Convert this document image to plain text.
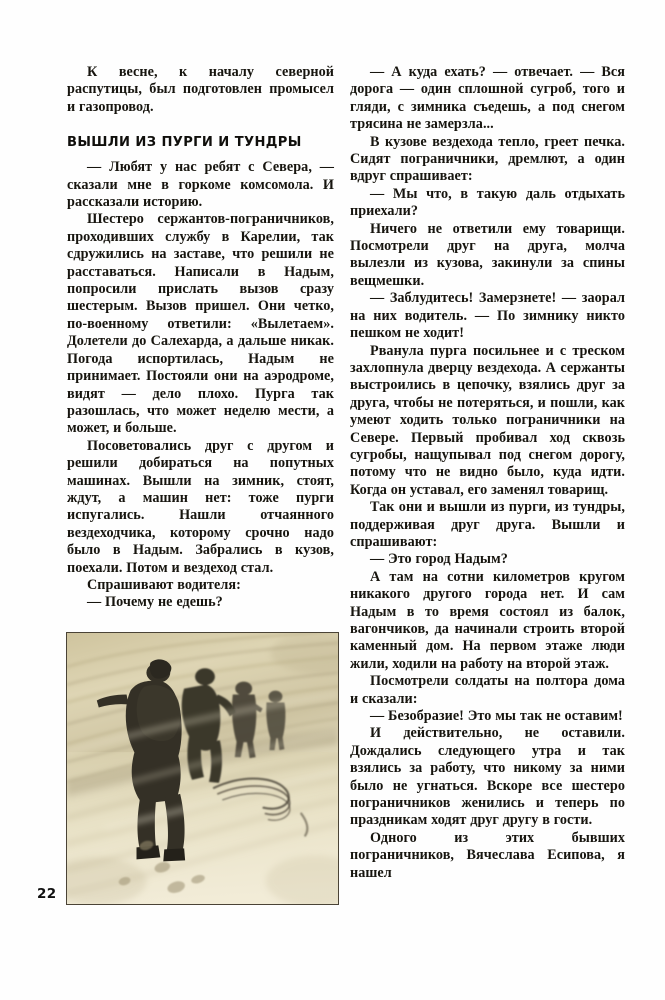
К весне, к началу северной распутицы, был подготовлен промысел и газопровод.

ВЫШЛИ ИЗ ПУРГИ И ТУНДРЫ

— Любят у нас ребят с Севера, — сказали мне в горкоме комсомола. И рассказали историю.

Шестеро сержантов-пограничников, проходивших службу в Карелии, так сдружились на заставе, что решили не расставаться. Написали в Надым, попросили прислать вызов сразу шестерым. Вызов пришел. Они четко, по-военному ответили: «Вылетаем». Долетели до Салехарда, а дальше никак. Погода испортилась, Надым не принимает. Постояли они на аэродроме, видят — дело плохо. Пурга так разошлась, что может неделю мести, а может, и больше.

Посоветовались друг с другом и решили добираться на попутных машинах. Вышли на зимник, стоят, ждут, а машин нет: тоже пурги испугались. Нашли отчаянного вездеходчика, которому срочно надо было в Надым. Забрались в кузов, поехали. Потом и вездеход стал.

Спрашивают водителя:

— Почему не едешь?

— А куда ехать? — отвечает. — Вся дорога — один сплошной сугроб, того и гляди, с зимника съедешь, а под снегом трясина не замерзла...

В кузове вездехода тепло, греет печка. Сидят пограничники, дремлют, а один вдруг спрашивает:

— Мы что, в такую даль отдыхать приехали?

Ничего не ответили ему товарищи. Посмотрели друг на друга, молча вылезли из кузова, закинули за спины вещмешки.

— Заблудитесь! Замерзнете! — заорал на них водитель. — По зимнику никто пешком не ходит!

Рванула пурга посильнее и с треском захлопнула дверцу вездехода. А сержанты выстроились в цепочку, взялись друг за друга, чтобы не потеряться, и пошли, как умеют ходить только пограничники на Севере. Первый пробивал ход сквозь сугробы, нащупывал под снегом дорогу, потому что не видно было, куда идти. Когда он уставал, его заменял товарищ.

Так они и вышли из пурги, из тундры, поддерживая друг друга. Вышли и спрашивают:

— Это город Надым?

А там на сотни километров кругом никакого другого города нет. И сам Надым в то время состоял из балок, вагончиков, да начинали строить второй каменный дом. На первом этаже люди жили, ходили на работу на второй этаж.

Посмотрели солдаты на полтора дома и сказали:

— Безобразие! Это мы так не оставим!

И действительно, не оставили. Дождались следующего утра и так взялись за работу, что никому за ними было не угнаться. Вскоре все шестеро пограничников женились и теперь по праздникам ходят друг другу в гости.

Одного из этих бывших пограничников, Вячеслава Есипова, я нашел

22
